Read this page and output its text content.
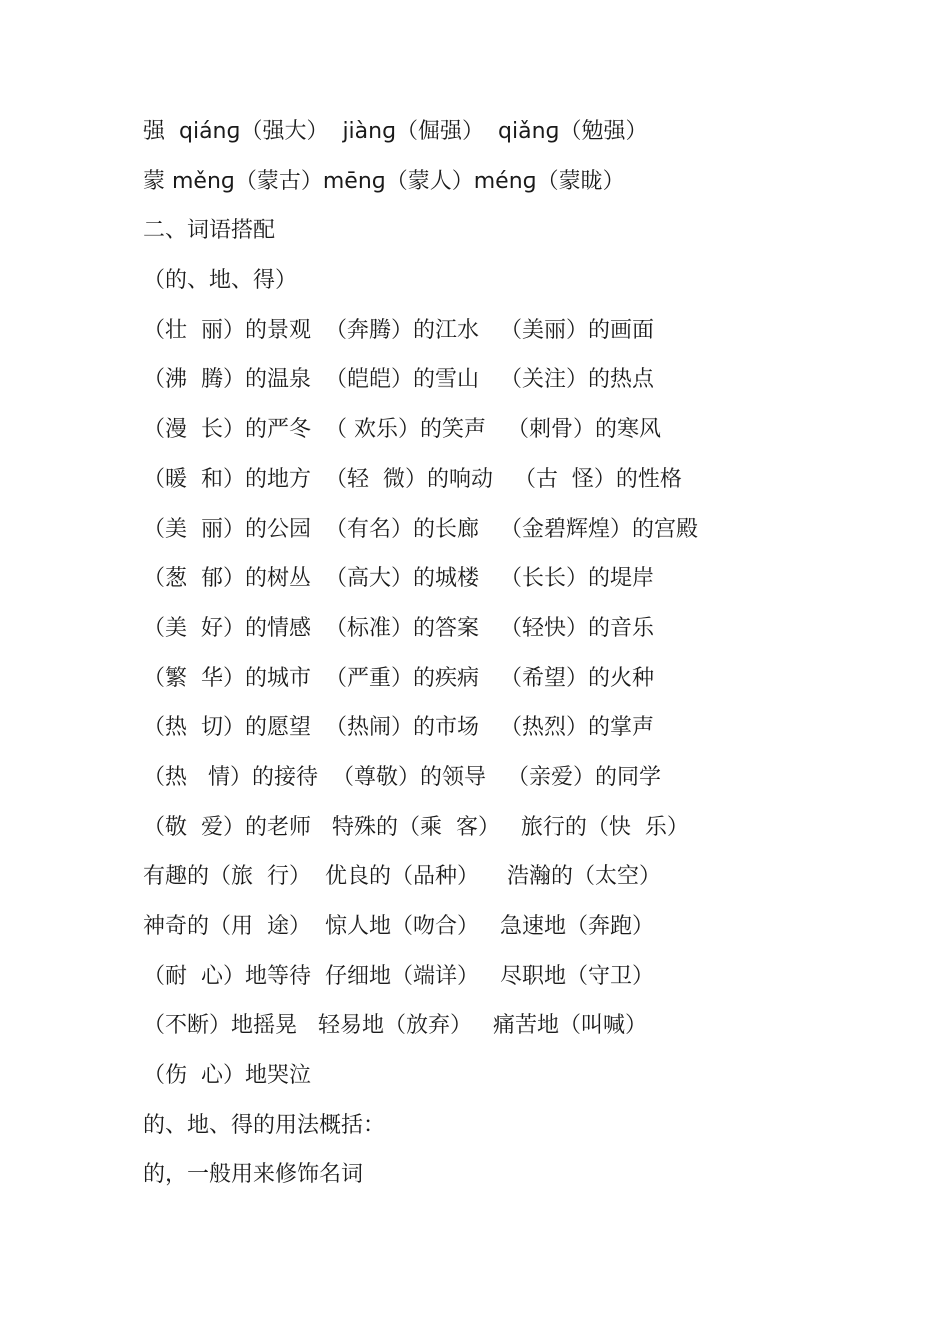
强  qiánɡ（强大）  jiànɡ（倔强）  qiǎnɡ（勉强）
蒙 měnɡ（蒙古）mēnɡ（蒙人）ménɡ（蒙眬）
二、词语搭配
（的、地、得）
（壮  丽）的景观  （奔腾）的江水   （美丽）的画面
（沸  腾）的温泉  （皑皑）的雪山   （关注）的热点
（漫  长）的严冬  （ 欢乐）的笑声   （刺骨）的寒风
（暖  和）的地方  （轻  微）的响动   （古  怪）的性格
（美  丽）的公园  （有名）的长廊   （金碧辉煌）的宫殿
（葱  郁）的树丛  （高大）的城楼   （长长）的堤岸
（美  好）的情感  （标准）的答案   （轻快）的音乐
（繁  华）的城市  （严重）的疾病   （希望）的火种
（热  切）的愿望  （热闹）的市场   （热烈）的掌声
（热   情）的接待  （尊敬）的领导   （亲爱）的同学
（敬  爱）的老师   特殊的（乘  客）   旅行的（快  乐）
有趣的（旅  行）  优良的（品种）    浩瀚的（太空）
神奇的（用  途）  惊人地（吻合）   急速地（奔跑）
（耐  心）地等待  仔细地（端详）   尽职地（守卫）
（不断）地摇晃   轻易地（放弃）   痛苦地（叫喊）
（伤  心）地哭泣
的、地、得的用法概括：
的，一般用来修饰名词
